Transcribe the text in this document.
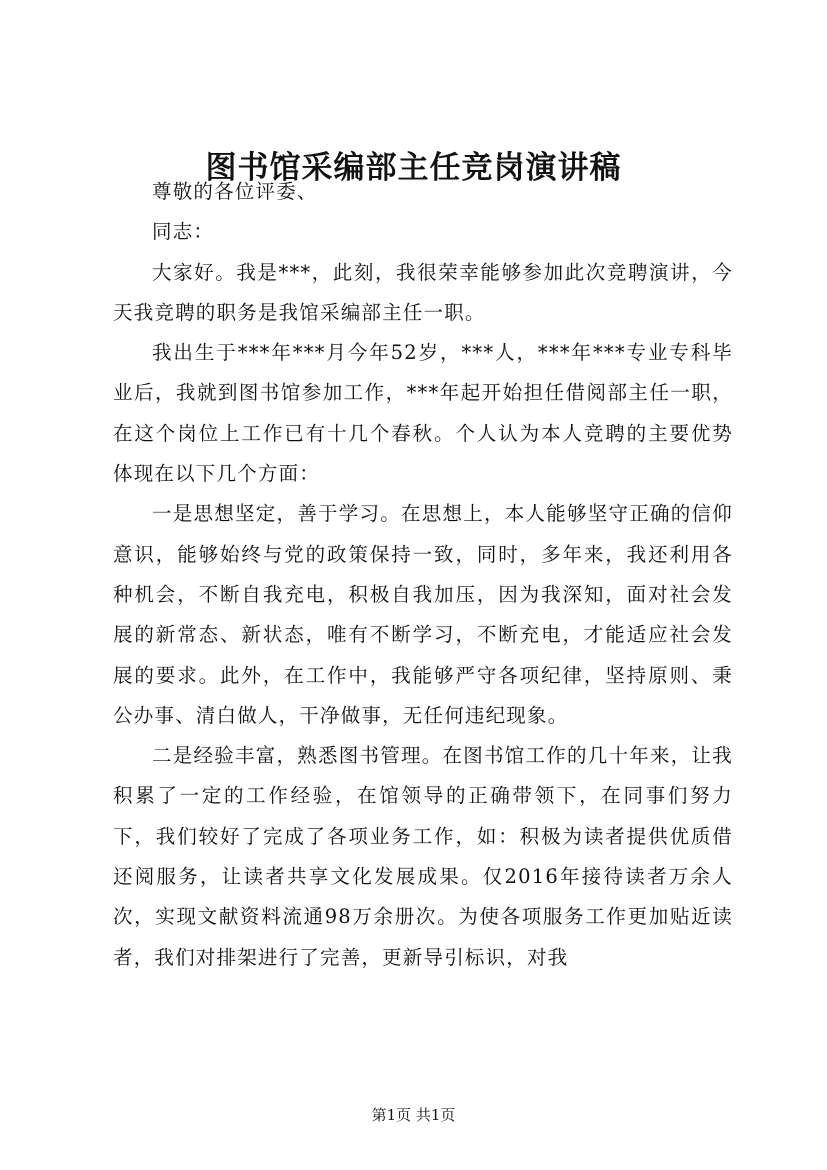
图书馆采编部主任竞岗演讲稿

尊敬的各位评委、

同志：

大家好。我是***，此刻，我很荣幸能够参加此次竞聘演讲，今天我竞聘的职务是我馆采编部主任一职。

我出生于***年***月今年52岁，***人，***年***专业专科毕业后，我就到图书馆参加工作，***年起开始担任借阅部主任一职，在这个岗位上工作已有十几个春秋。个人认为本人竞聘的主要优势体现在以下几个方面：

一是思想坚定，善于学习。在思想上，本人能够坚守正确的信仰意识，能够始终与党的政策保持一致，同时，多年来，我还利用各种机会，不断自我充电，积极自我加压，因为我深知，面对社会发展的新常态、新状态，唯有不断学习，不断充电，才能适应社会发展的要求。此外，在工作中，我能够严守各项纪律，坚持原则、秉公办事、清白做人，干净做事，无任何违纪现象。

二是经验丰富，熟悉图书管理。在图书馆工作的几十年来，让我积累了一定的工作经验，在馆领导的正确带领下，在同事们努力下，我们较好了完成了各项业务工作，如：积极为读者提供优质借还阅服务，让读者共享文化发展成果。仅2016年接待读者万余人次，实现文献资料流通98万余册次。为使各项服务工作更加贴近读者，我们对排架进行了完善，更新导引标识，对我

第1页 共1页
